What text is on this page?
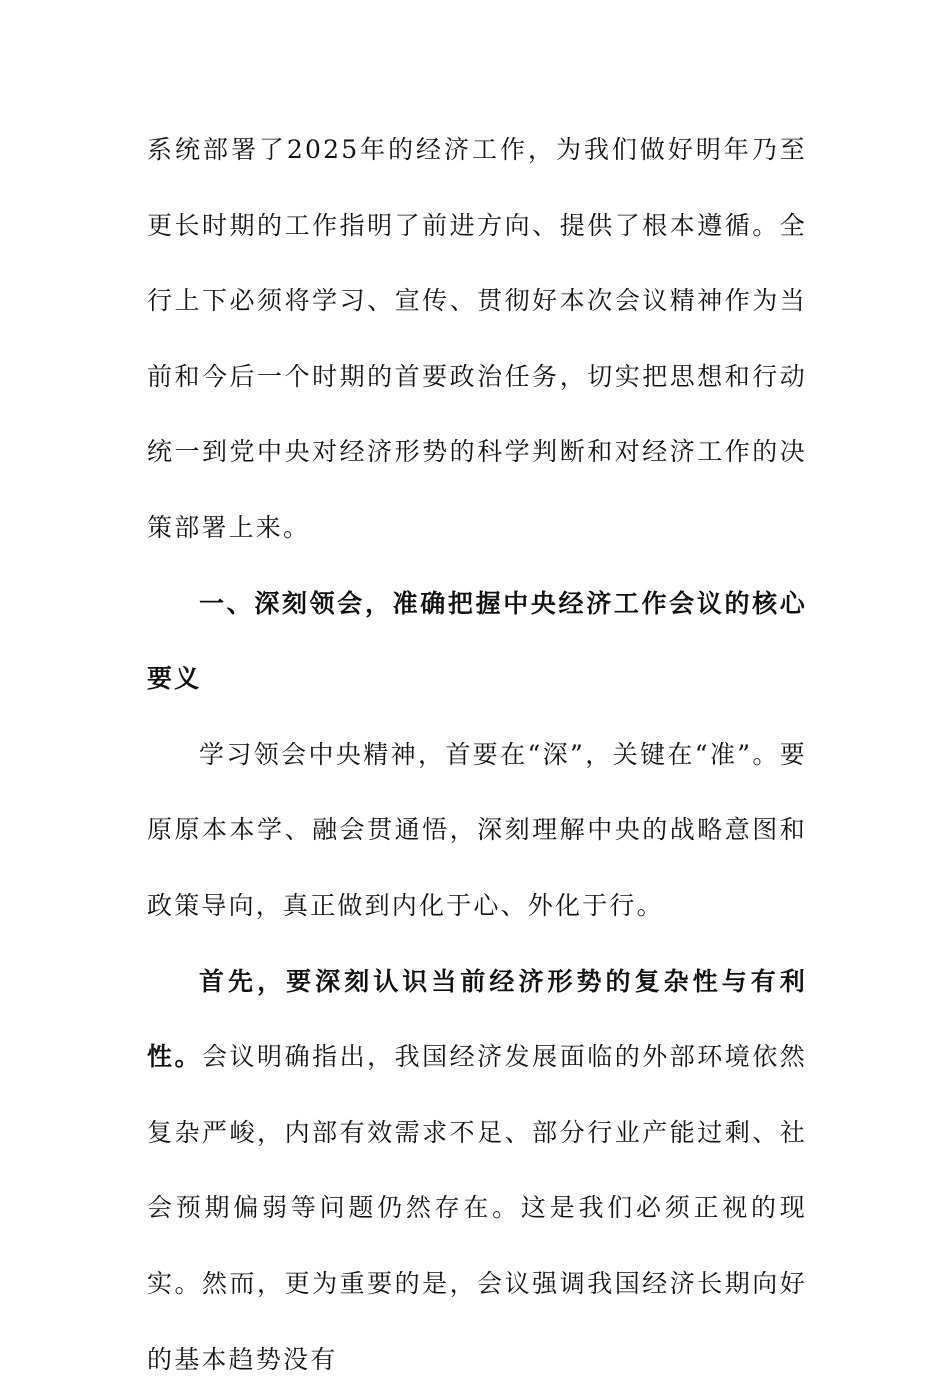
系统部署了2025年的经济工作，为我们做好明年乃至更长时期的工作指明了前进方向、提供了根本遵循。全行上下必须将学习、宣传、贯彻好本次会议精神作为当前和今后一个时期的首要政治任务，切实把思想和行动统一到党中央对经济形势的科学判断和对经济工作的决策部署上来。

一、深刻领会，准确把握中央经济工作会议的核心要义

学习领会中央精神，首要在“深”，关键在“准”。要原原本本学、融会贯通悟，深刻理解中央的战略意图和政策导向，真正做到内化于心、外化于行。

首先，要深刻认识当前经济形势的复杂性与有利性。会议明确指出，我国经济发展面临的外部环境依然复杂严峻，内部有效需求不足、部分行业产能过剩、社会预期偏弱等问题仍然存在。这是我们必须正视的现实。然而，更为重要的是，会议强调我国经济长期向好的基本趋势没有
